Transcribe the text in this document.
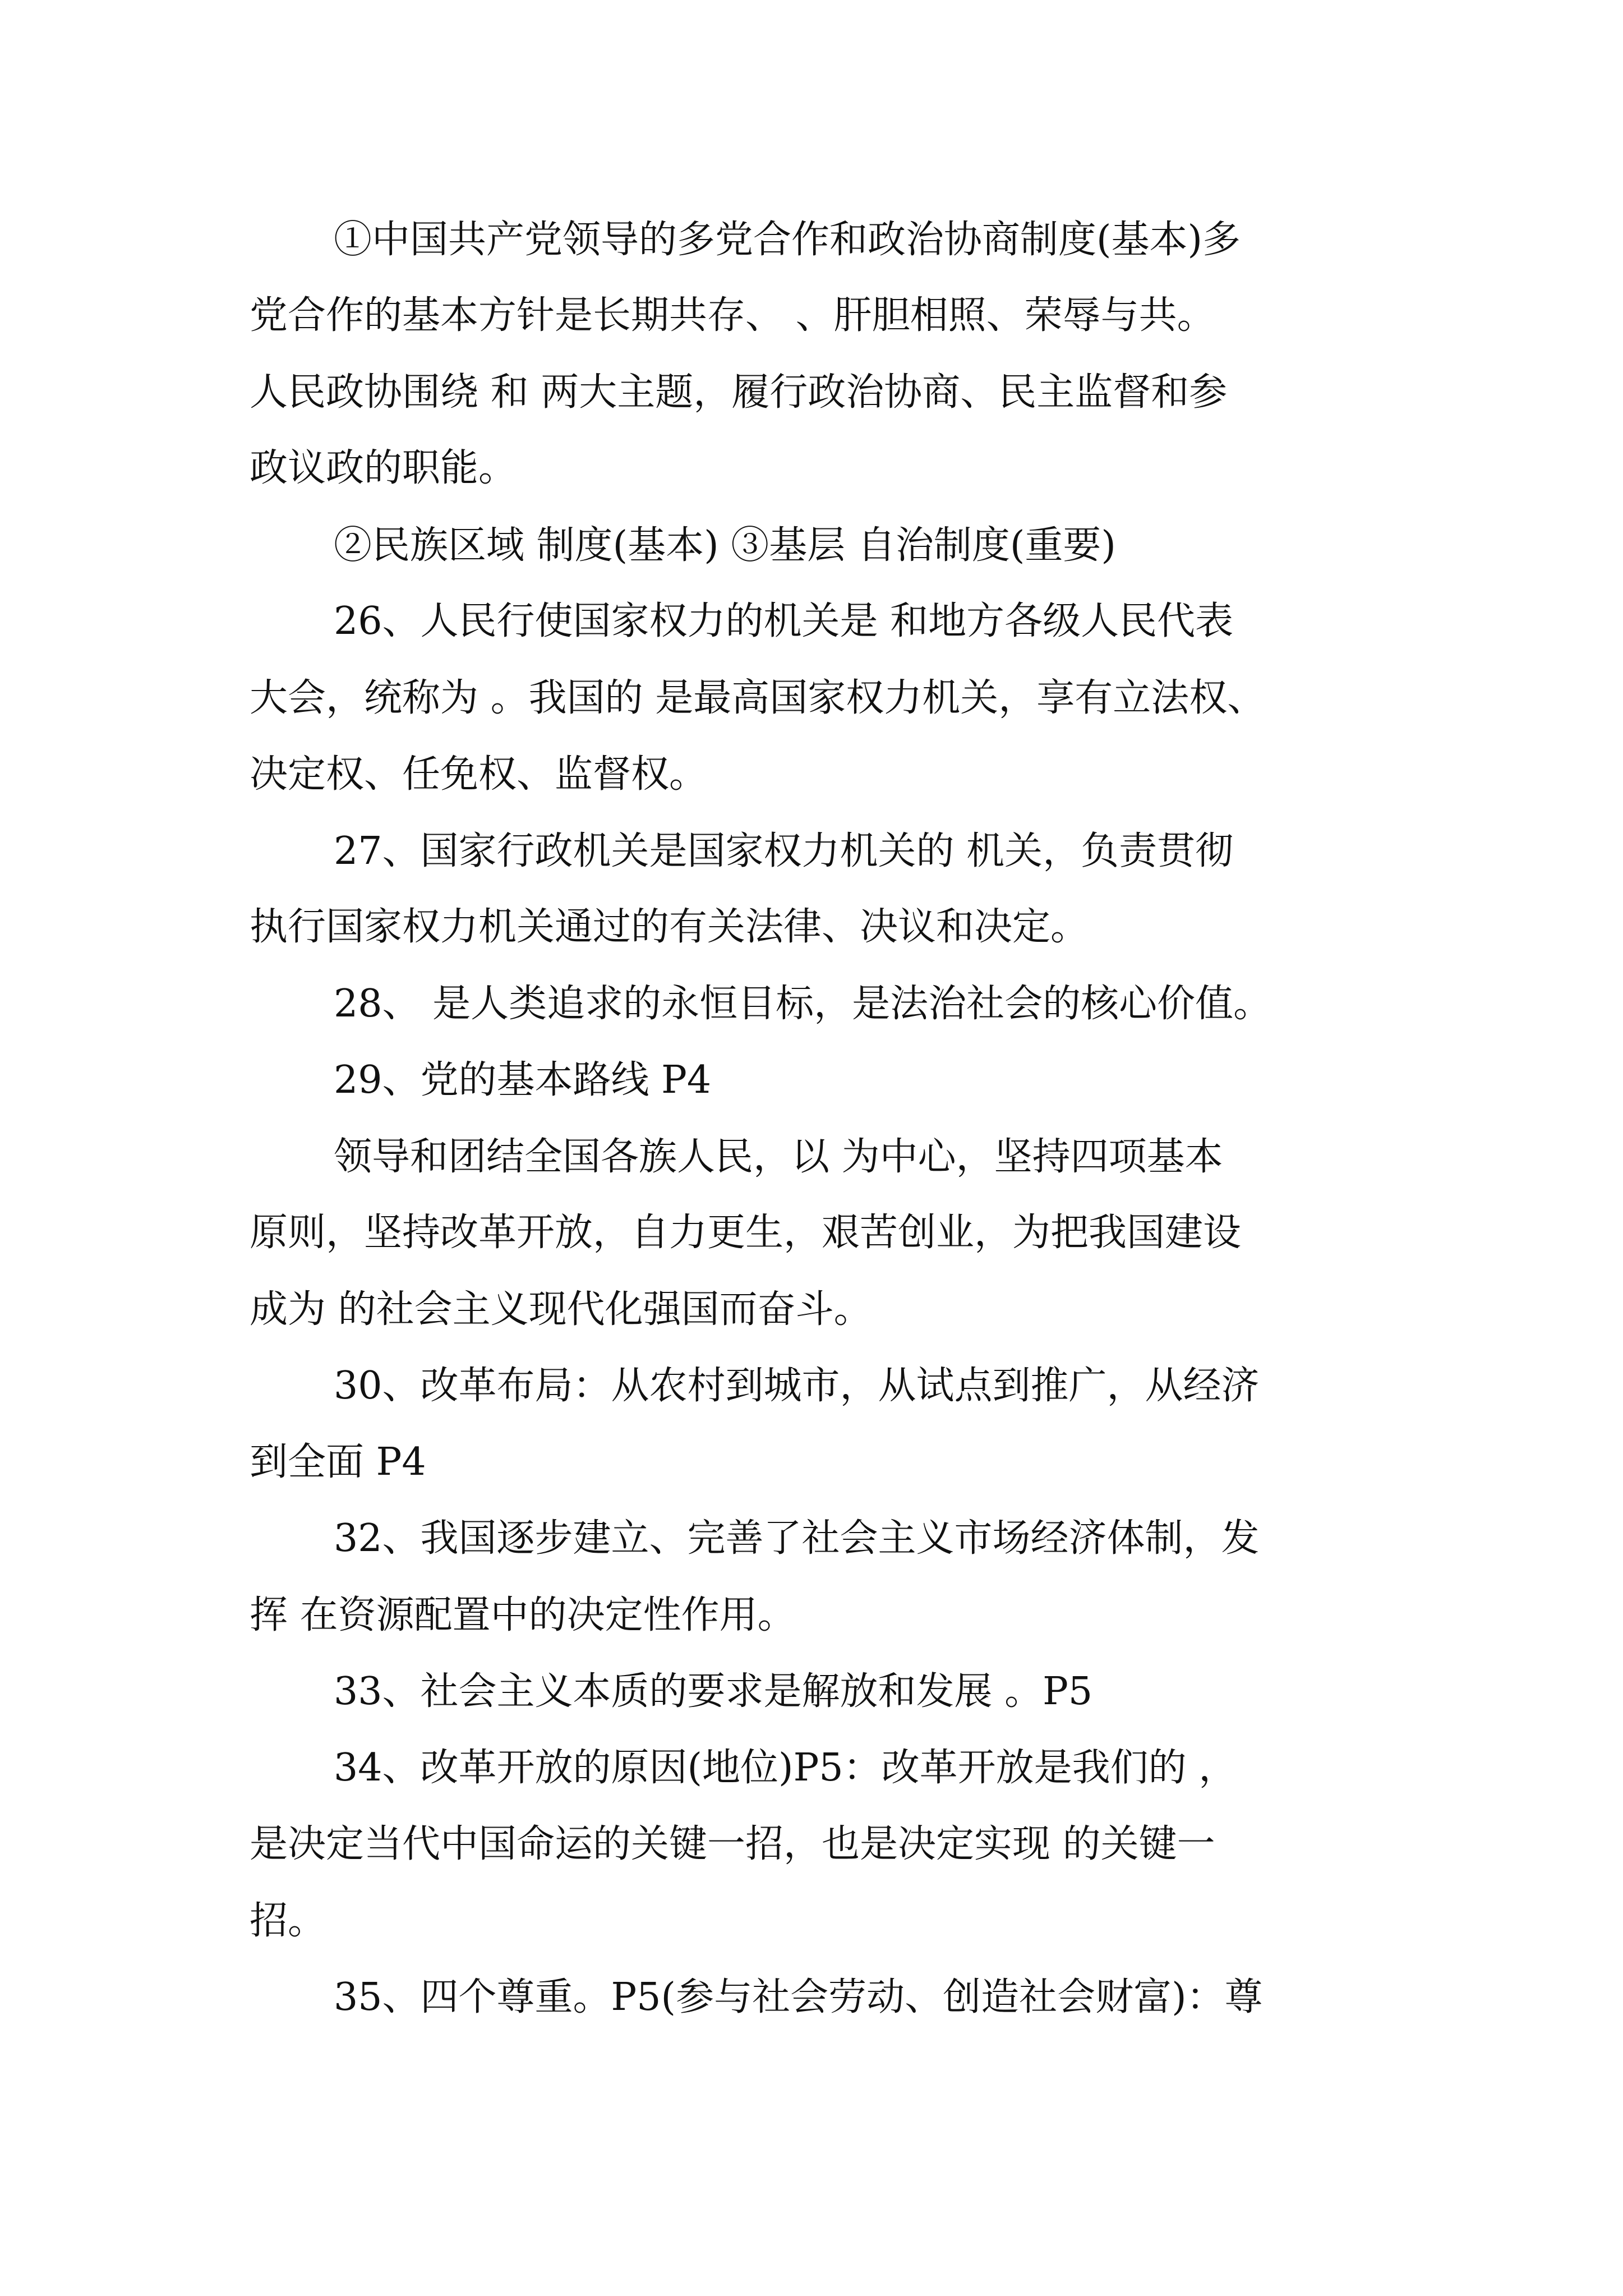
①中国共产党领导的多党合作和政治协商制度(基本)多

党合作的基本方针是长期共存、 、肝胆相照、荣辱与共。

人民政协围绕 和 两大主题，履行政治协商、民主监督和参

政议政的职能。

②民族区域 制度(基本) ③基层 自治制度(重要)

26、人民行使国家权力的机关是 和地方各级人民代表

大会，统称为 。我国的 是最高国家权力机关，享有立法权、

决定权、任免权、监督权。

27、国家行政机关是国家权力机关的 机关，负责贯彻

执行国家权力机关通过的有关法律、决议和决定。

28、 是人类追求的永恒目标，是法治社会的核心价值。

29、党的基本路线 P4

领导和团结全国各族人民，以 为中心，坚持四项基本

原则，坚持改革开放，自力更生，艰苦创业，为把我国建设

成为 的社会主义现代化强国而奋斗。

30、改革布局：从农村到城市，从试点到推广，从经济

到全面 P4

32、我国逐步建立、完善了社会主义市场经济体制，发

挥 在资源配置中的决定性作用。

33、社会主义本质的要求是解放和发展 。P5

34、改革开放的原因(地位)P5：改革开放是我们的 ，

是决定当代中国命运的关键一招，也是决定实现 的关键一

招。

35、四个尊重。P5(参与社会劳动、创造社会财富)：尊
